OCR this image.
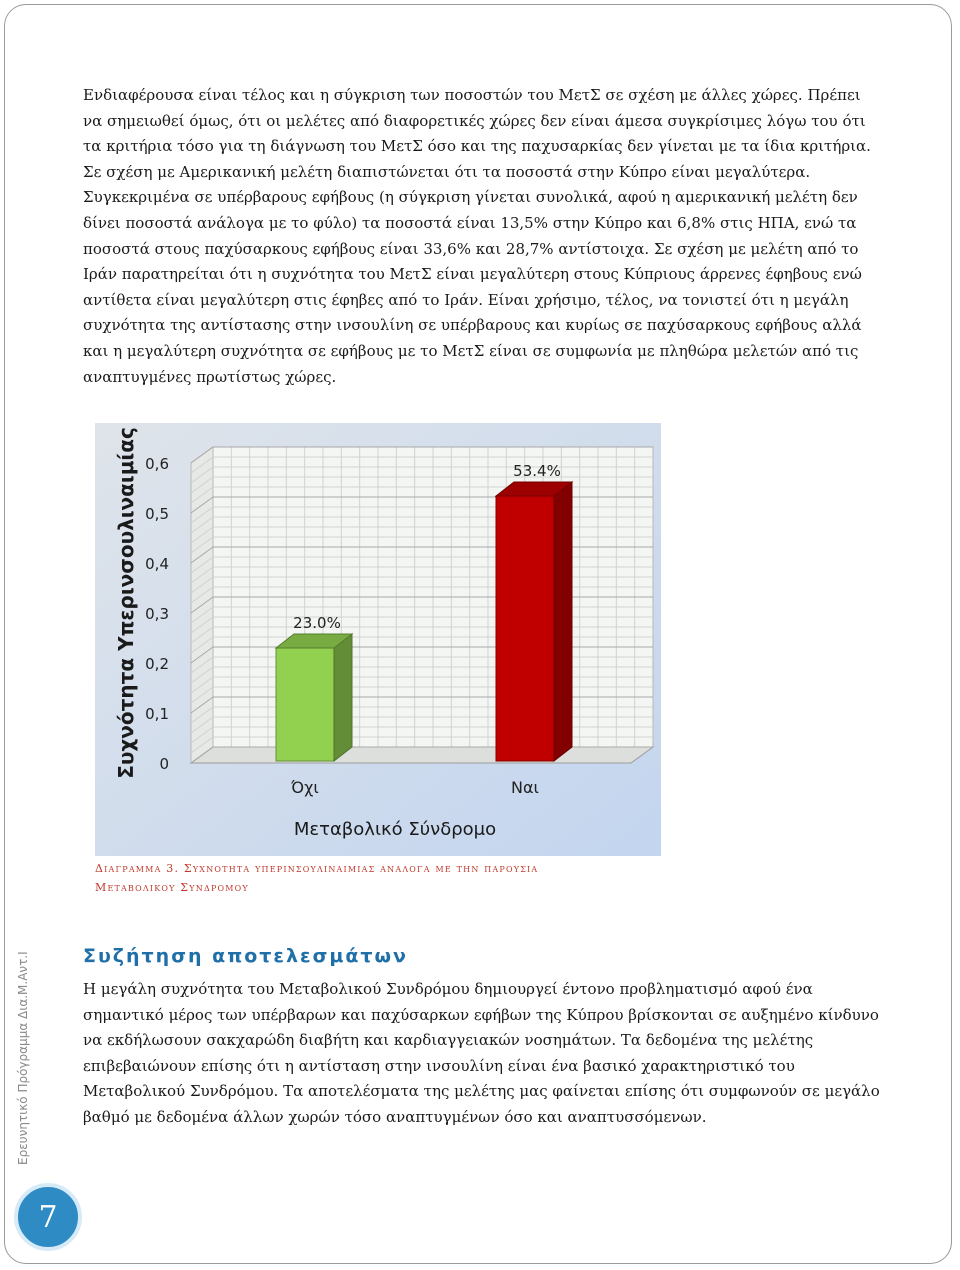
Ενδιαφέρουσα είναι τέλος και η σύγκριση των ποσοστών του ΜετΣ σε σχέση με άλλες χώρες. Πρέπει να σημειωθεί όμως, ότι οι μελέτες από διαφορετικές χώρες δεν είναι άμεσα συγκρίσιμες λόγω του ότι τα κριτήρια τόσο για τη διάγνωση του ΜετΣ όσο και της παχυσαρκίας δεν γίνεται με τα ίδια κριτήρια. Σε σχέση με Αμερικανική μελέτη διαπιστώνεται ότι τα ποσοστά στην Κύπρο είναι μεγαλύτερα. Συγκεκριμένα σε υπέρβαρους εφήβους (η σύγκριση γίνεται συνολικά, αφού η αμερικανική μελέτη δεν δίνει ποσοστά ανάλογα με το φύλο) τα ποσοστά είναι 13,5% στην Κύπρο και 6,8% στις ΗΠΑ, ενώ τα ποσοστά στους παχύσαρκους εφήβους είναι 33,6% και 28,7% αντίστοιχα. Σε σχέση με μελέτη από το Ιράν παρατηρείται ότι η συχνότητα του ΜετΣ είναι μεγαλύτερη στους Κύπριους άρρενες έφηβους ενώ αντίθετα είναι μεγαλύτερη στις έφηβες από το Ιράν. Είναι χρήσιμο, τέλος, να τονιστεί ότι η μεγάλη συχνότητα της αντίστασης στην ινσουλίνη σε υπέρβαρους και κυρίως σε παχύσαρκους εφήβους αλλά και η μεγαλύτερη συχνότητα σε εφήβους με το ΜετΣ είναι σε συμφωνία με πληθώρα μελετών από τις αναπτυγμένες πρωτίστως χώρες.
0
0,1
0,2
0,3
0,4
0,5
0,6
23.0%
Όχι
53.4%
Ναι
Συχνότητα Υπερινσουλιναιμίας
Μεταβολικό Σύνδρομο
Διαγραμμα 3. Συχνοτητα υπερινσουλιναιμιας αναλογα με την παρουσια
Μεταβολικου Συνδρομου
Συζήτηση αποτελεσμάτων
Η μεγάλη συχνότητα του Μεταβολικού Συνδρόμου δημιουργεί έντονο προβληματισμό αφού ένα σημαντικό μέρος των υπέρβαρων και παχύσαρκων εφήβων της Κύπρου βρίσκονται σε αυξημένο κίνδυνο να εκδήλωσουν σακχαρώδη διαβήτη και καρδιαγγειακών νοσημάτων. Τα δεδομένα της μελέτης επιβεβαιώνουν επίσης ότι η αντίσταση στην ινσουλίνη είναι ένα βασικό χαρακτηριστικό του Μεταβολικού Συνδρόμου. Τα αποτελέσματα της μελέτης μας φαίνεται επίσης ότι συμφωνούν σε μεγάλο βαθμό με δεδομένα άλλων χωρών τόσο αναπτυγμένων όσο και αναπτυσσόμενων.
Ερευνητικό Πρόγραμμα Δια.Μ.Αντ.Ι
7
